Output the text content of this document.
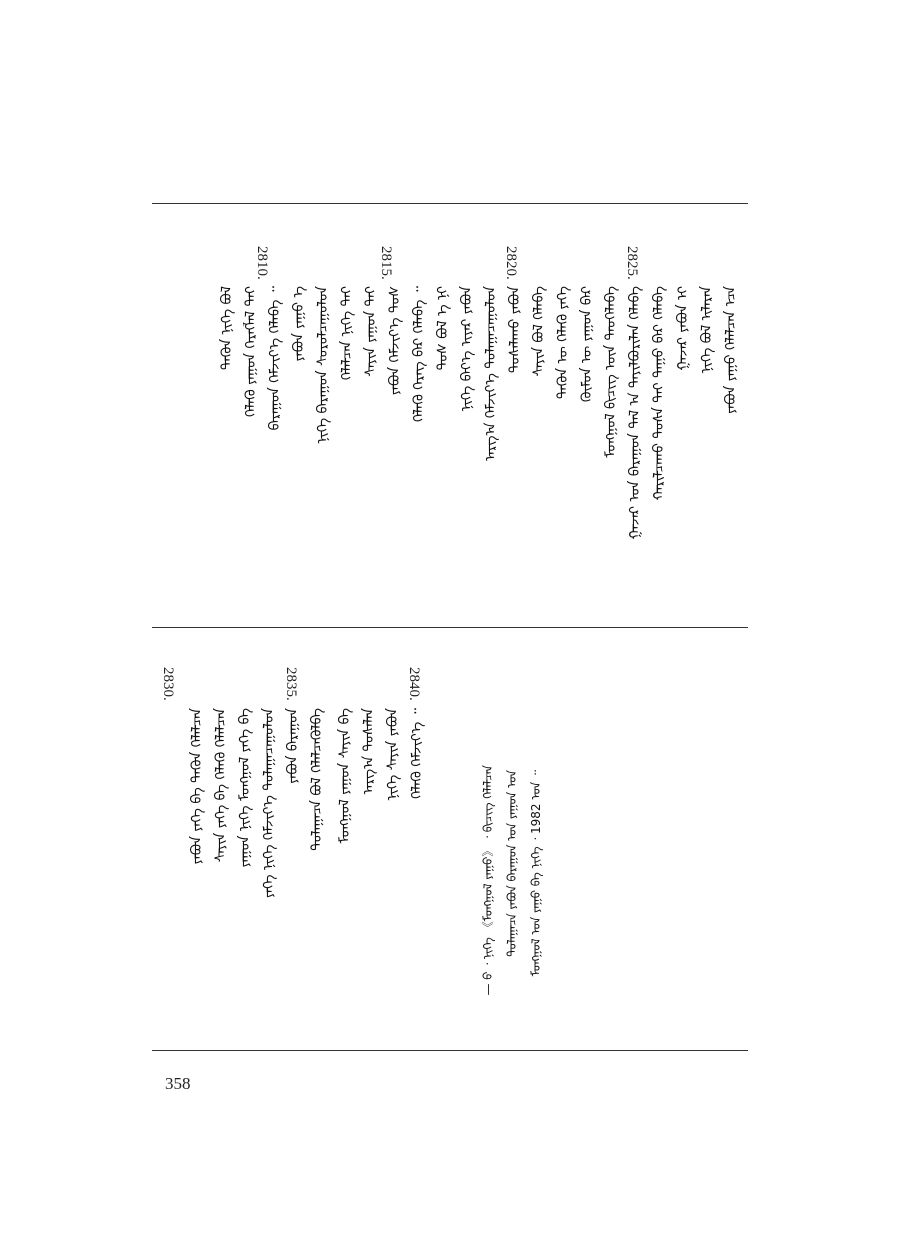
2825.
2820.
2815.
2810.
ᠶᠠᠪᠤᠨ ᠶᠠᠭᠤ ᠬᠡᠯᠡᠯᠴᠡᠨ ᠡᠴᠡ
ᠨᠢᠭᠡ ᠪᠣᠯ ᠢᠯᠡᠷᠡᠨ
ᠭᠠᠵᠠᠷ ᠶᠠᠪᠤᠨ ᠢ
ᠬᠠᠷᠢᠯᠴᠠᠬᠤ ᠲᠤᠰᠠ ᠲᠡᠢ ᠳᠠᠭᠤ ᠪᠠᠷ ᠬᠡᠯᠡᠪᠡ
ᠭᠠᠵᠠᠷ ᠤᠨ ᠪᠠᠷᠠᠭᠤᠨ ᠲᠠᠯ ᠠ ᠲᠠᠶᠢᠯᠪᠤᠷᠢᠯᠠᠨ ᠬᠡᠯᠡᠪᠡ
ᠮᠣᠩᠭᠣᠯ ᠪᠢᠴᠢᠭ ᠦᠨ ᠲᠡᠦᠬᠡᠯᠡᠪᠡ
ᠬᠦᠮᠦᠨ ᠦ ᠶᠠᠭᠤᠨ ᠪᠠᠷ
ᠲᠡᠭᠦᠨ ᠦ ᠬᠡᠯᠡᠬᠦ ᠶᠡᠬᠡ
ᠰᠠᠶᠢᠨ ᠪᠣᠯ ᠬᠡᠯᠡᠪᠡ
ᠲᠤᠰᠠᠯᠠᠬᠤ ᠶᠠᠪᠤᠨ
ᠠᠷᠭ᠎ᠠ ᠬᠡᠮᠵᠢᠶ᠎ᠡ ᠲᠤᠯᠠᠭᠠᠴᠠᠭᠤᠯᠤᠨ
ᠨᠢᠭᠡ ᠪᠡᠶ᠎ᠡ ᠢᠶᠠᠷ ᠶᠠᠪᠤᠨ
ᠲᠤᠰ ᠪᠣᠯ ᠡ ᠨᠢ
ᠬᠡᠯᠡᠬᠦ ᠬᠡᠷᠡᠭ ᠪᠠᠷ ᠬᠡᠯᠡᠪᠡ ᠃
ᠶᠠᠪᠤᠨ ᠬᠡᠮᠵᠢᠶ᠎ᠡ ᠲᠤᠰ
ᠰᠠᠶᠢᠨ ᠶᠠᠭᠤᠨ ᠲᠡᠢ
ᠬᠡᠯᠡᠯᠴᠡᠨ ᠨᠢᠭᠡ ᠲᠡᠢ
ᠨᠢᠭᠡ ᠪᠠᠷᠠᠭᠤᠨ ᠰᠤᠷᠤᠯᠴᠠᠭᠤᠯᠤᠨ
ᠶᠠᠪᠤᠨ ᠶᠠᠭᠤ ᠡ
ᠪᠠᠷᠠᠭᠤᠨ ᠬᠡᠮᠵᠢᠶ᠎ᠡ ᠬᠡᠯᠡᠪᠡ ᠃
ᠬᠡᠯᠡᠬᠦ ᠶᠠᠭᠤᠨ ᠬᠡᠷᠡᠭᠯᠡᠯ ᠲᠡᠢ
ᠲᠡᠭᠦᠨ ᠨᠢᠭᠡ ᠪᠣᠯ
ᠮᠣᠩᠭᠣᠯ ᠤᠨ ᠶᠠᠭᠤ ᠪᠡ ᠨᠢᠭᠡ ᠂ 1982 ᠣᠨ ᠃
ᠲᠤᠯᠠᠭᠠᠴᠠ ᠶᠠᠪᠤᠨ ᠪᠠᠷᠠᠭᠤᠨ ᠤᠨ ᠶᠠᠭᠤᠨ ᠤᠨ
— ᠪ ᠂ ᠨᠢᠭᠡ 《ᠮᠣᠩᠭᠣᠯ ᠶᠠᠭᠤ》 ᠂ ᠪᠢᠴᠢᠭ ᠬᠡᠯᠡᠯᠴᠡᠨ
2840.
2835.
2830.
ᠬᠡᠯᠡᠬᠦ ᠬᠡᠮᠵᠢᠶ᠎ᠡ ᠃
ᠨᠢᠭᠡ ᠰᠠᠶᠢᠨ ᠶᠠᠪᠤᠨ
ᠠᠷᠭ᠎ᠠ ᠲᠤᠰᠠᠯᠠᠨ
ᠮᠣᠩᠭᠣᠯ ᠶᠠᠭᠤᠨ ᠰᠠᠶᠢᠨ ᠪᠠ
ᠲᠤᠯᠠᠭᠠᠴᠠ ᠪᠣᠯ ᠬᠡᠯᠡᠯᠴᠡᠭᠦᠯᠪᠡ
ᠶᠠᠪᠤᠨ ᠪᠠᠷᠠᠭᠤᠨ
ᠶᠡᠬᠡ ᠨᠢᠭᠡ ᠬᠡᠮᠵᠢᠶ᠎ᠡ ᠲᠤᠯᠠᠭᠠᠴᠠᠭᠤᠯᠤᠨ
ᠶᠠᠭᠤᠨ ᠨᠢᠭᠡ ᠮᠣᠩᠭᠣᠯ ᠶᠡᠬᠡ ᠪᠠ
ᠰᠠᠶᠢᠨ ᠶᠡᠬᠡ ᠪᠠ ᠬᠡᠯᠡᠬᠦ ᠬᠡᠯᠡᠯᠴᠡᠨ
ᠶᠠᠪᠤᠨ ᠶᠡᠬᠡ ᠪᠠ ᠲᠡᠭᠦᠨ ᠬᠡᠯᠡᠯᠴᠡᠨ
358
